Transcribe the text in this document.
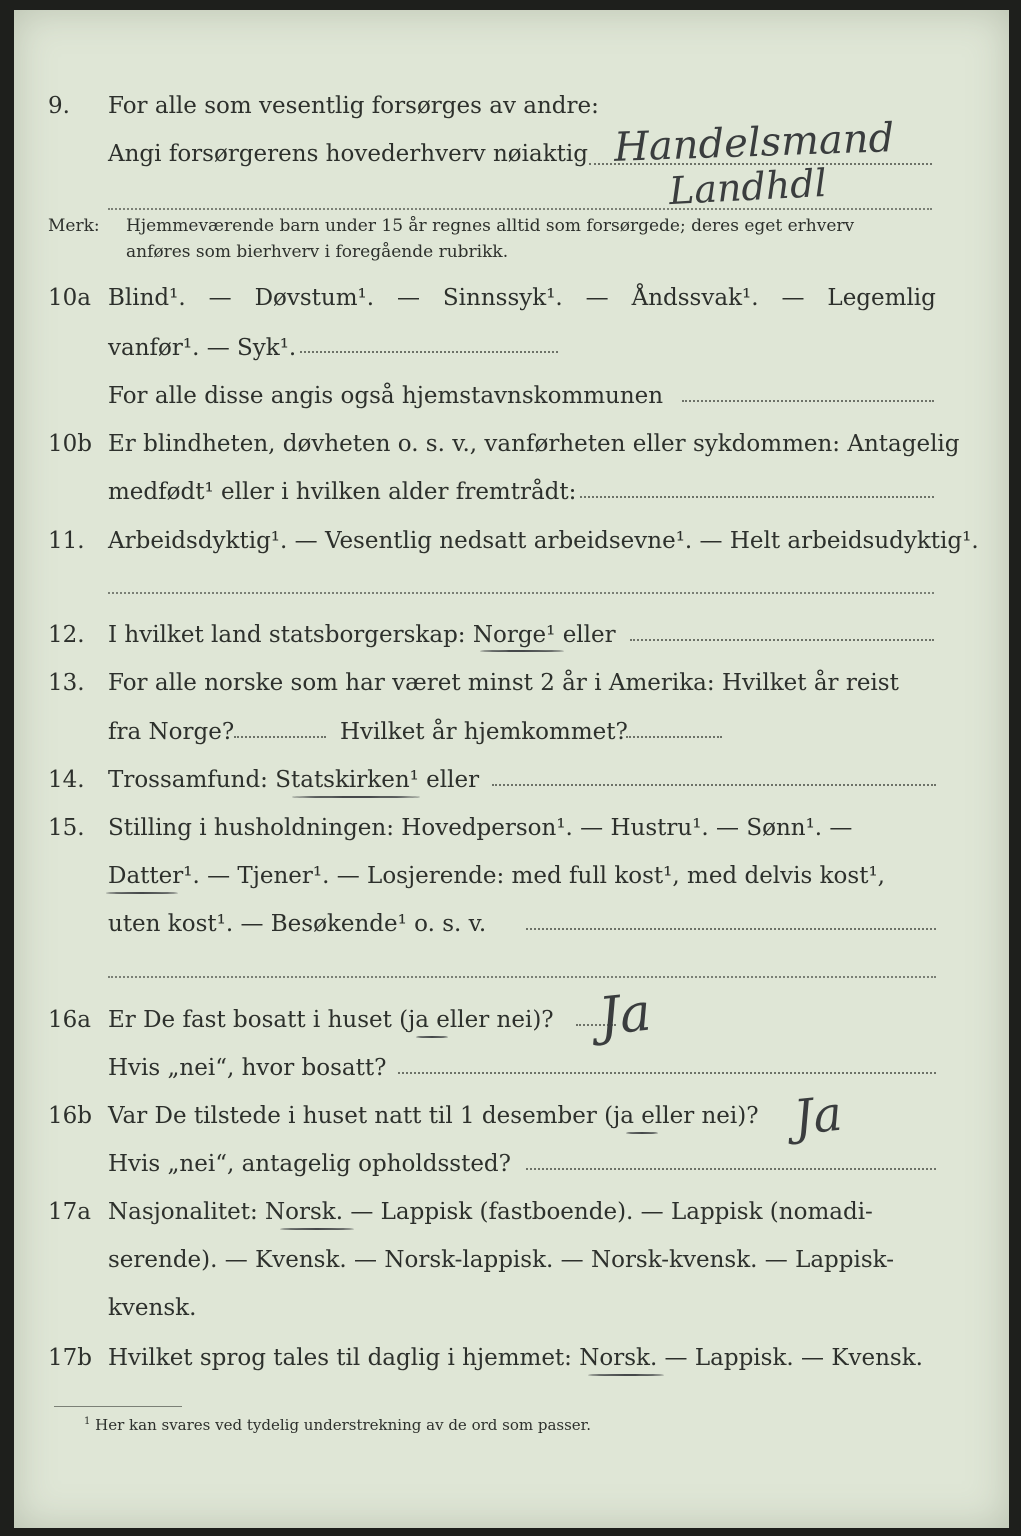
9. For alle som vesentlig forsørges av andre:
Angi forsørgerens hovederhverv nøiaktig Handelsmand
Landhdl
Merk: Hjemmeværende barn under 15 år regnes alltid som forsørgede; deres eget erhverv
anføres som bierhverv i foregående rubrikk.
10a Blind¹. — Døvstum¹. — Sinnssyk¹. — Åndssvak¹. — Legemlig
vanfør¹. — Syk¹.
For alle disse angis også hjemstavnskommunen
10b Er blindheten, døvheten o. s. v., vanførheten eller sykdommen: Antagelig
medfødt¹ eller i hvilken alder fremtrådt:
11. Arbeidsdyktig¹. — Vesentlig nedsatt arbeidsevne¹. — Helt arbeidsudyktig¹.
12. I hvilket land statsborgerskap: Norge¹ eller
13. For alle norske som har været minst 2 år i Amerika: Hvilket år reist
fra Norge?	Hvilket år hjemkommet?
14. Trossamfund: Statskirken¹ eller
15. Stilling i husholdningen: Hovedperson¹. — Hustru¹. — Sønn¹. —
Datter¹. — Tjener¹. — Losjerende: med full kost¹, med delvis kost¹,
uten kost¹. — Besøkende¹ o. s. v.
16a Er De fast bosatt i huset (ja eller nei)? Ja
Hvis „nei“, hvor bosatt?
16b Var De tilstede i huset natt til 1 desember (ja eller nei)? Ja
Hvis „nei“, antagelig opholdssted?
17a Nasjonalitet: Norsk. — Lappisk (fastboende). — Lappisk (nomadi-
serende). — Kvensk. — Norsk-lappisk. — Norsk-kvensk. — Lappisk-
kvensk.
17b Hvilket sprog tales til daglig i hjemmet: Norsk. — Lappisk. — Kvensk.
$^1$ Her kan svares ved tydelig understrekning av de ord som passer.
